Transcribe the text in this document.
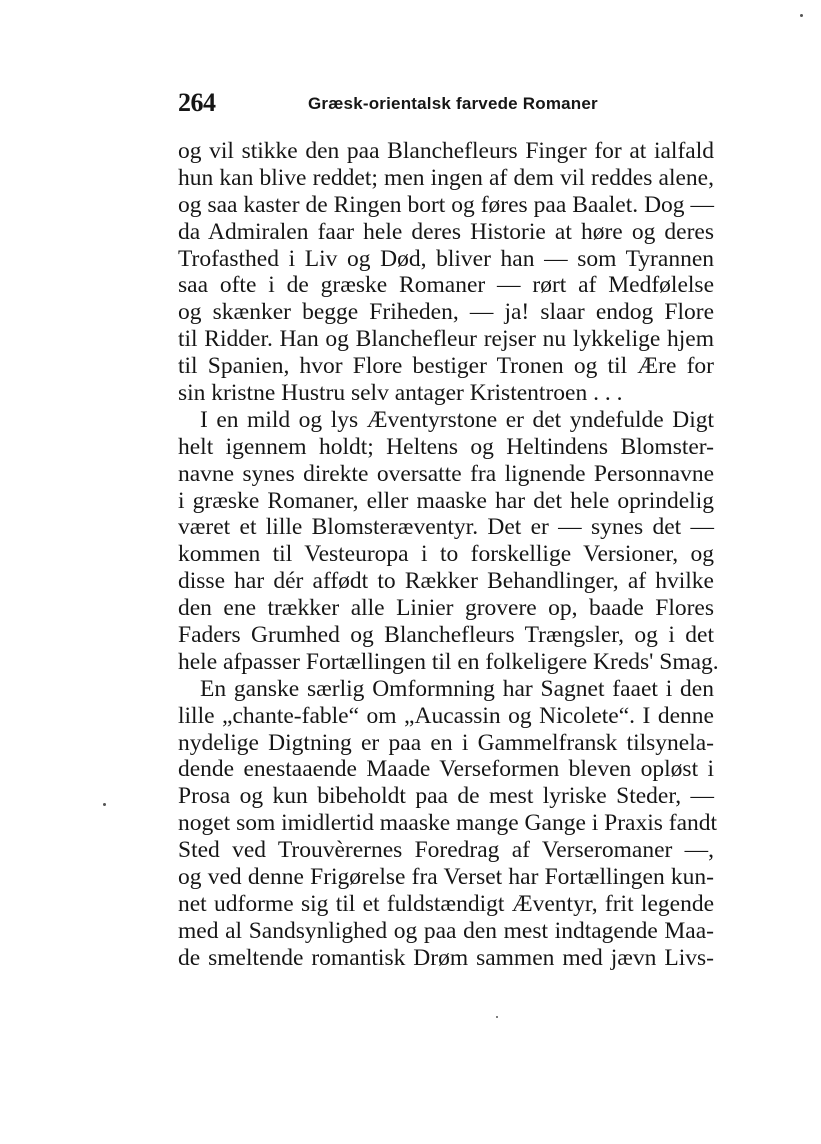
264	Græsk-orientalsk farvede Romaner
og vil stikke den paa Blanchefleurs Finger for at ialfald
hun kan blive reddet; men ingen af dem vil reddes alene,
og saa kaster de Ringen bort og føres paa Baalet. Dog —
da Admiralen faar hele deres Historie at høre og deres
Trofasthed i Liv og Død, bliver han — som Tyrannen
saa ofte i de græske Romaner — rørt af Medfølelse
og skænker begge Friheden, — ja! slaar endog Flore
til Ridder. Han og Blanchefleur rejser nu lykkelige hjem
til Spanien, hvor Flore bestiger Tronen og til Ære for
sin kristne Hustru selv antager Kristentroen . . .
I en mild og lys Æventyrstone er det yndefulde Digt
helt igennem holdt; Heltens og Heltindens Blomster-
navne synes direkte oversatte fra lignende Personnavne
i græske Romaner, eller maaske har det hele oprindelig
været et lille Blomsteræventyr. Det er — synes det —
kommen til Vesteuropa i to forskellige Versioner, og
disse har dér affødt to Rækker Behandlinger, af hvilke
den ene trækker alle Linier grovere op, baade Flores
Faders Grumhed og Blanchefleurs Trængsler, og i det
hele afpasser Fortællingen til en folkeligere Kreds' Smag.
En ganske særlig Omformning har Sagnet faaet i den
lille „chante-fable“ om „Aucassin og Nicolete“. I denne
nydelige Digtning er paa en i Gammelfransk tilsynela-
dende enestaaende Maade Verseformen bleven opløst i
Prosa og kun bibeholdt paa de mest lyriske Steder, —
noget som imidlertid maaske mange Gange i Praxis fandt
Sted ved Trouvèrernes Foredrag af Verseromaner —,
og ved denne Frigørelse fra Verset har Fortællingen kun-
net udforme sig til et fuldstændigt Æventyr, frit legende
med al Sandsynlighed og paa den mest indtagende Maa-
de smeltende romantisk Drøm sammen med jævn Livs-
